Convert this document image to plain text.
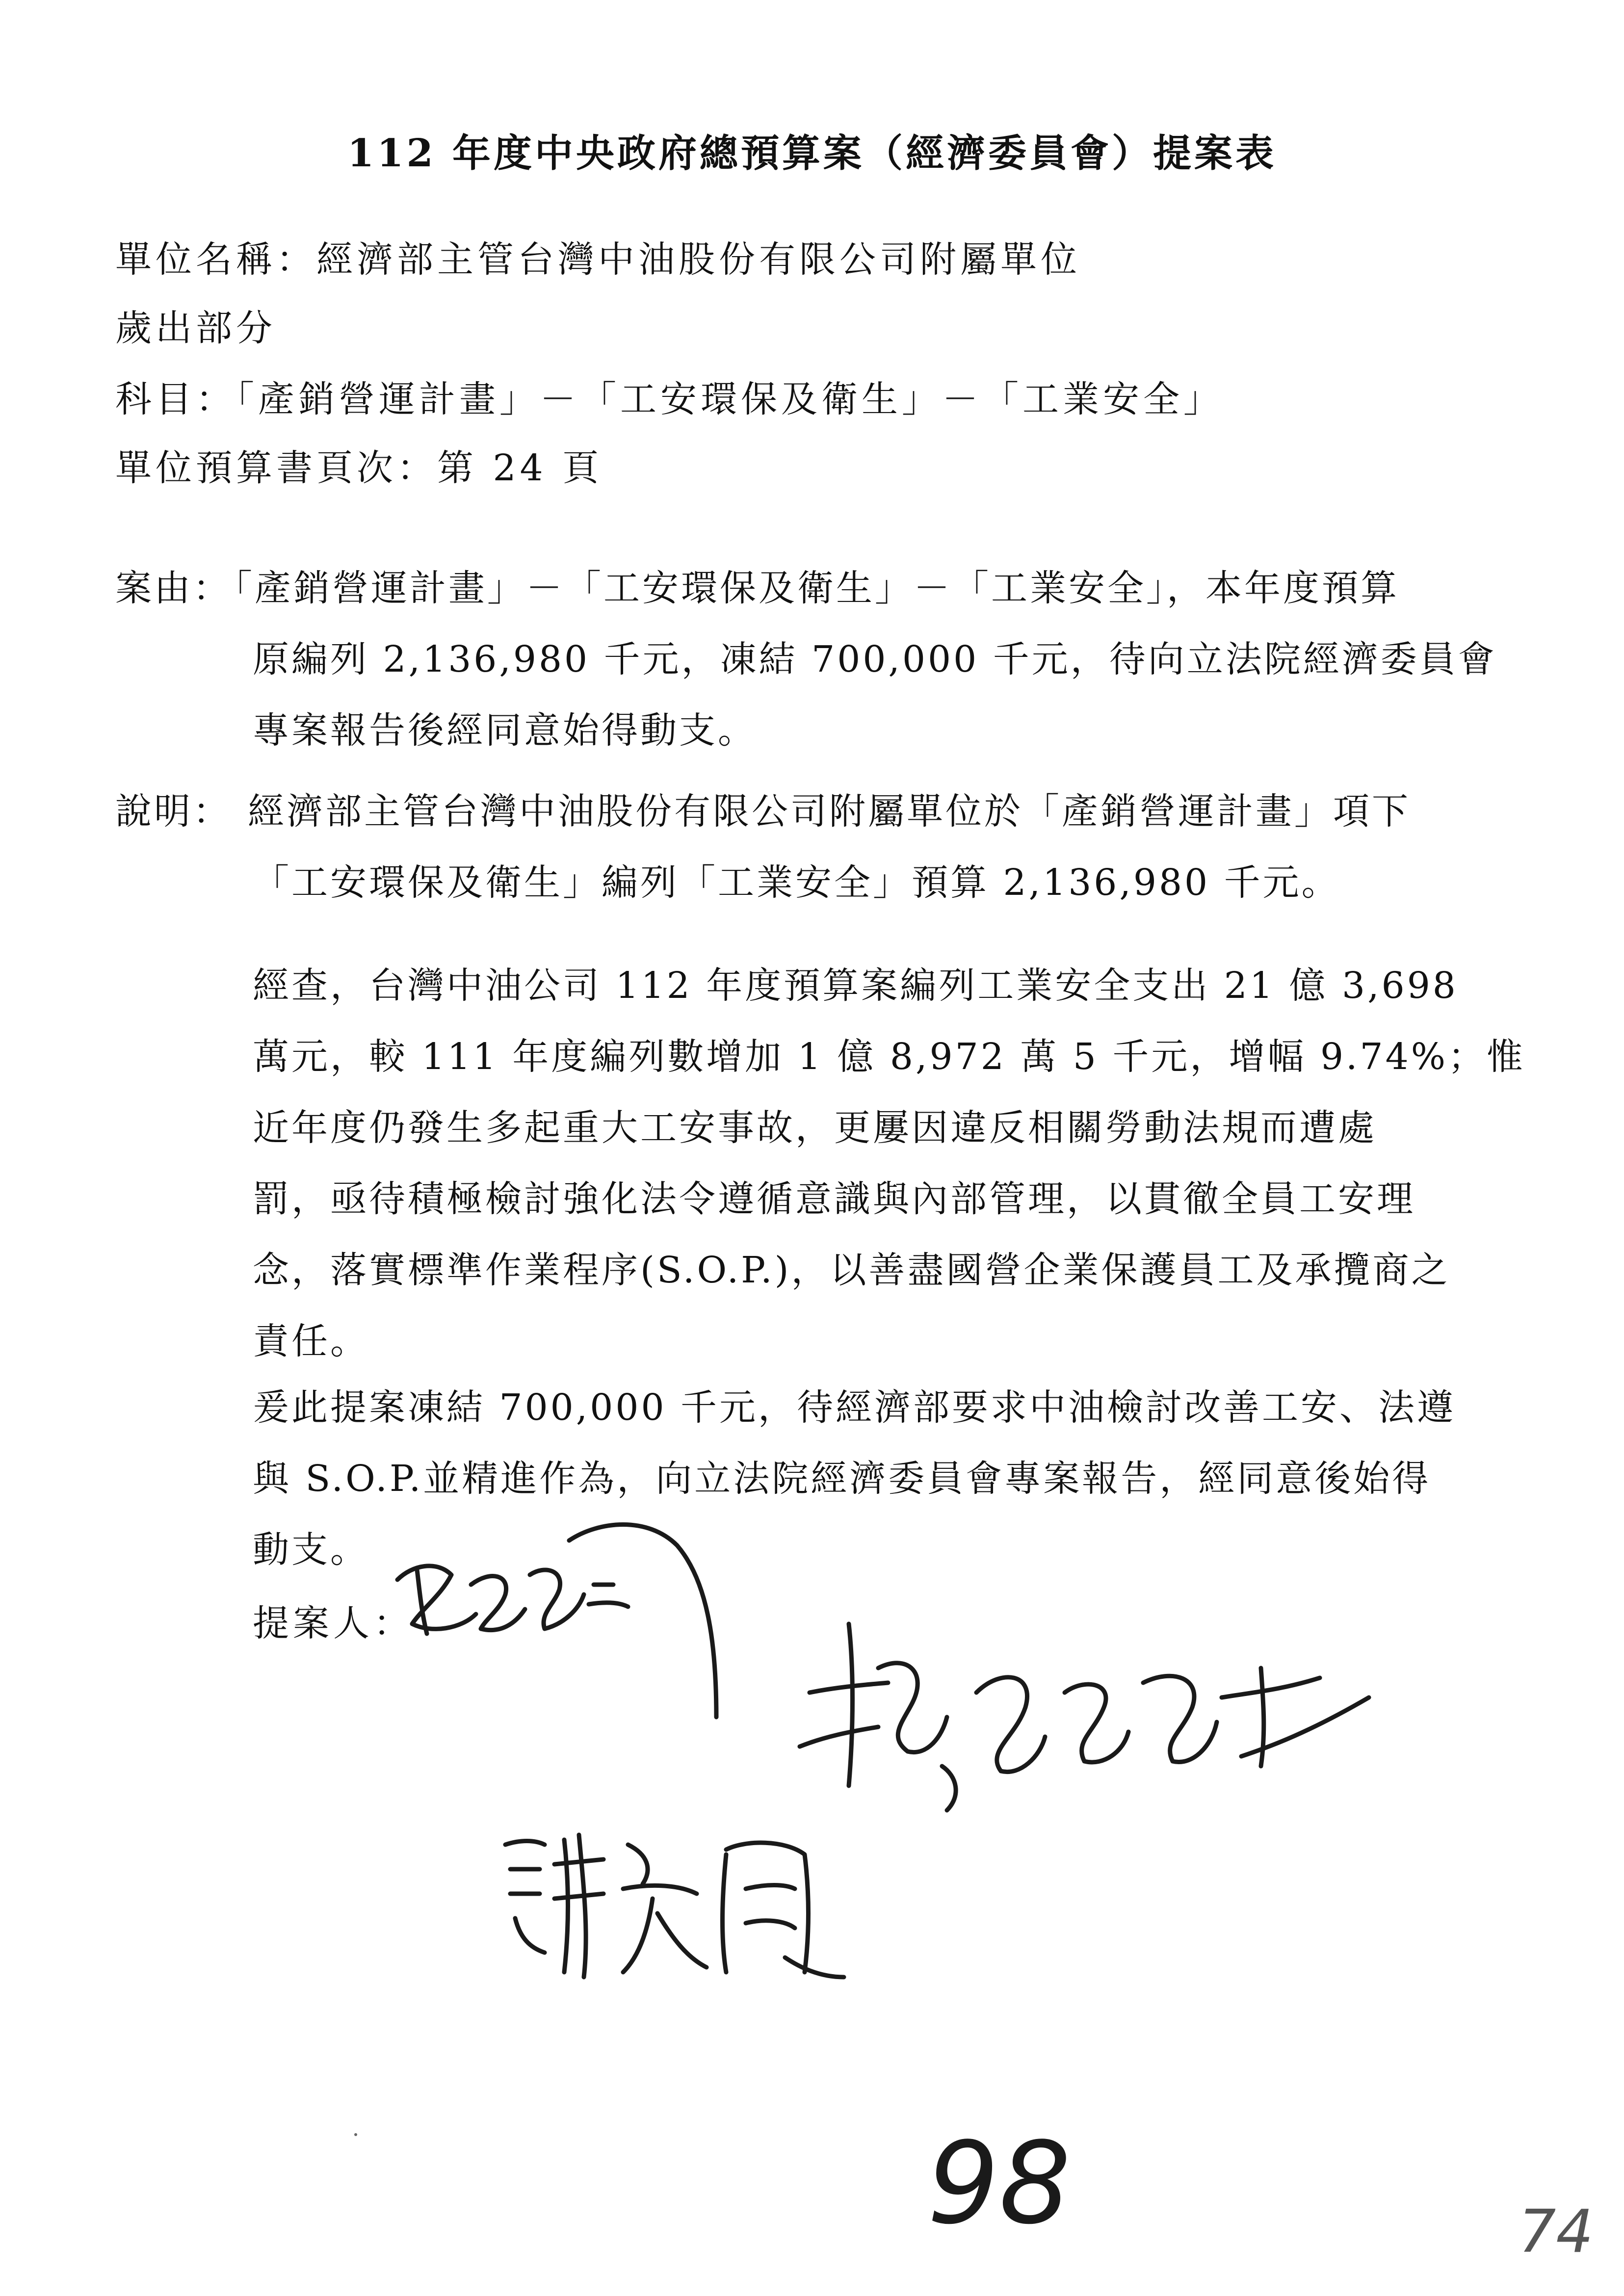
112 年度中央政府總預算案（經濟委員會）提案表
單位名稱：經濟部主管台灣中油股份有限公司附屬單位
歲出部分
科目：「產銷營運計畫」－「工安環保及衛生」－「工業安全」
單位預算書頁次：第 24 頁
案由：
「產銷營運計畫」－「工安環保及衛生」－「工業安全」，本年度預算
原編列 2,136,980 千元，凍結 700,000 千元，待向立法院經濟委員會
專案報告後經同意始得動支。
說明： 經濟部主管台灣中油股份有限公司附屬單位於「產銷營運計畫」項下
「工安環保及衛生」編列「工業安全」預算 2,136,980 千元。
經查，台灣中油公司 112 年度預算案編列工業安全支出 21 億 3,698
萬元，較 111 年度編列數增加 1 億 8,972 萬 5 千元，增幅 9.74%；惟
近年度仍發生多起重大工安事故，更屢因違反相關勞動法規而遭處
罰，亟待積極檢討強化法令遵循意識與內部管理，以貫徹全員工安理
念，落實標準作業程序(S.O.P.)，以善盡國營企業保護員工及承攬商之
責任。
爰此提案凍結 700,000 千元，待經濟部要求中油檢討改善工安、法遵
與 S.O.P.並精進作為，向立法院經濟委員會專案報告，經同意後始得
動支。
提案人：
98	74
